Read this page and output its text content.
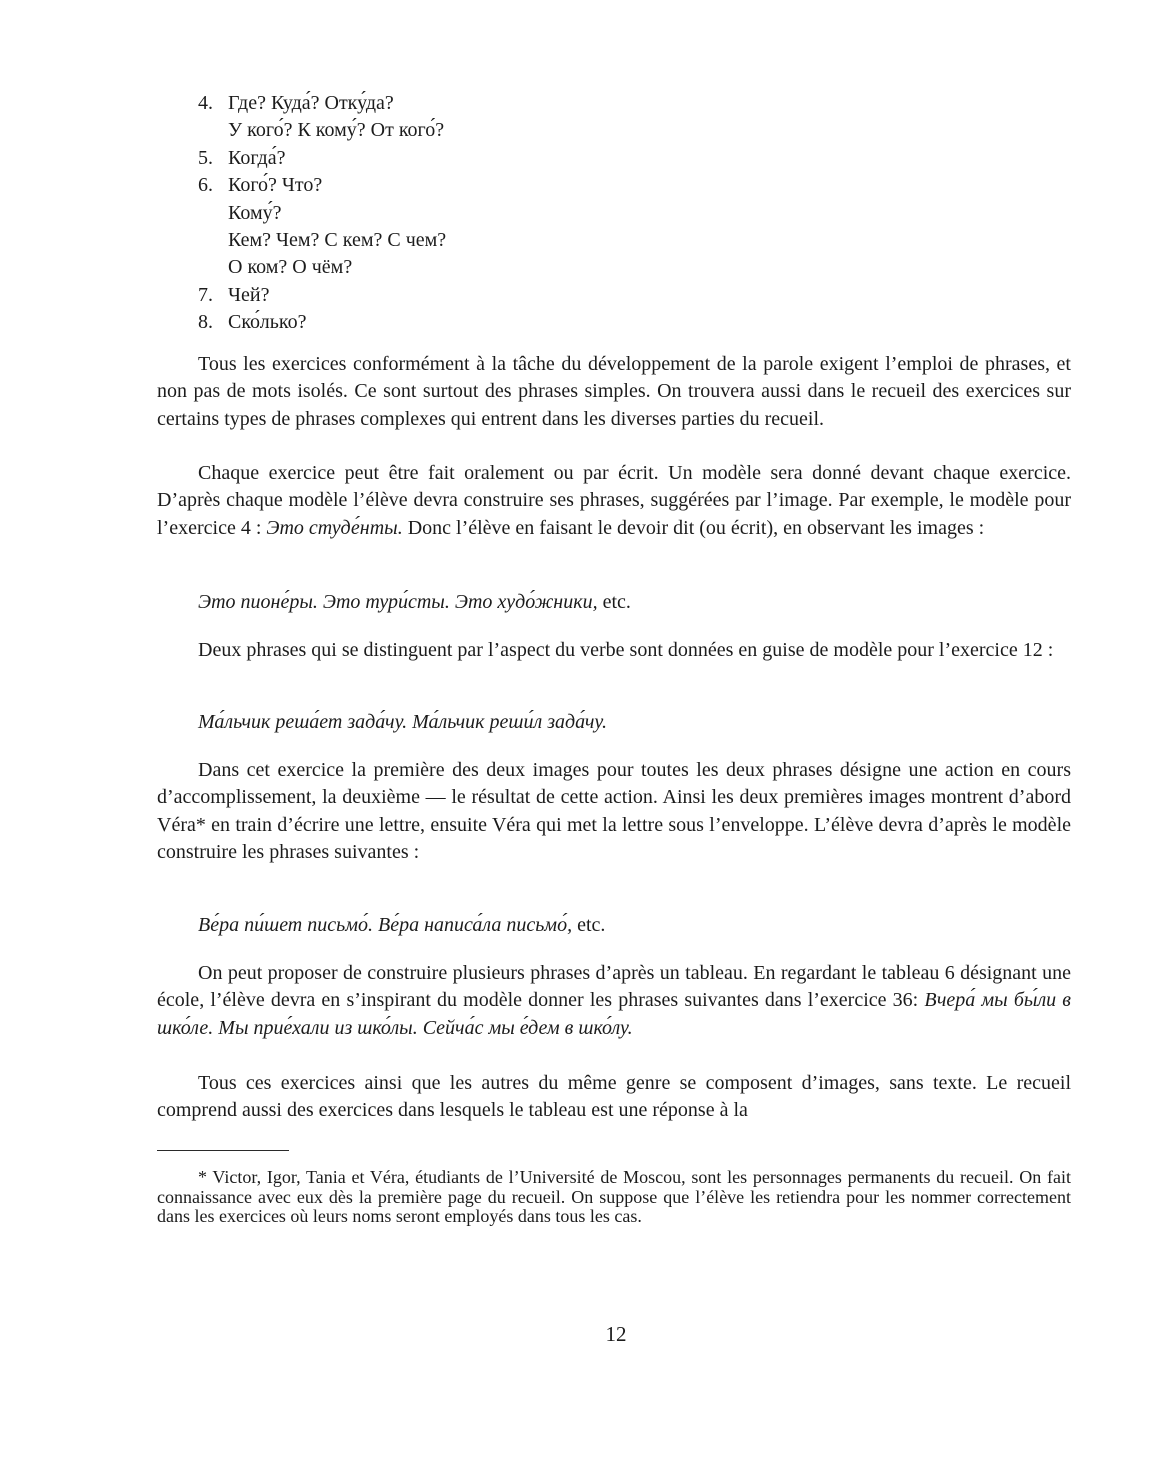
4. Где? Куда́? Отку́да?
У кого́? К кому́? От кого́?
5. Когда́?
6. Кого́? Что?
Кому́?
Кем? Чем? С кем? С чем?
О ком? О чём?
7. Чей?
8. Ско́лько?

Tous les exercices conformément à la tâche du développement de la parole exigent l’emploi de phrases, et non pas de mots isolés. Ce sont surtout des phrases simples. On trouvera aussi dans le recueil des exercices sur certains types de phrases complexes qui entrent dans les diverses parties du recueil.

Chaque exercice peut être fait oralement ou par écrit. Un modèle sera donné devant chaque exercice. D’après chaque modèle l’élève devra construire ses phrases, suggérées par l’image. Par exemple, le modèle pour l’exercice 4 : Это студе́нты. Donc l’élève en faisant le devoir dit (ou écrit), en observant les images :

Это пионе́ры. Это тури́сты. Это худо́жники, etc.

Deux phrases qui se distinguent par l’aspect du verbe sont données en guise de modèle pour l’exercice 12 :

Ма́льчик реша́ет зада́чу. Ма́льчик реши́л зада́чу.

Dans cet exercice la première des deux images pour toutes les deux phrases désigne une action en cours d’accomplissement, la deuxième — le résultat de cette action. Ainsi les deux premières images montrent d’abord Véra* en train d’écrire une lettre, ensuite Véra qui met la lettre sous l’enveloppe. L’élève devra d’après le modèle construire les phrases suivantes :

Ве́ра пи́шет письмо́. Ве́ра написа́ла письмо́, etc.

On peut proposer de construire plusieurs phrases d’après un tableau. En regardant le tableau 6 désignant une école, l’élève devra en s’inspirant du modèle donner les phrases suivantes dans l’exercice 36: Вчера́ мы бы́ли в шко́ле. Мы прие́хали из шко́лы. Сейча́с мы е́дем в шко́лу.

Tous ces exercices ainsi que les autres du même genre se composent d’images, sans texte. Le recueil comprend aussi des exercices dans lesquels le tableau est une réponse à la

* Victor, Igor, Tania et Véra, étudiants de l’Université de Moscou, sont les personnages permanents du recueil. On fait connaissance avec eux dès la première page du recueil. On suppose que l’élève les retiendra pour les nommer correctement dans les exercices où leurs noms seront employés dans tous les cas.

12
